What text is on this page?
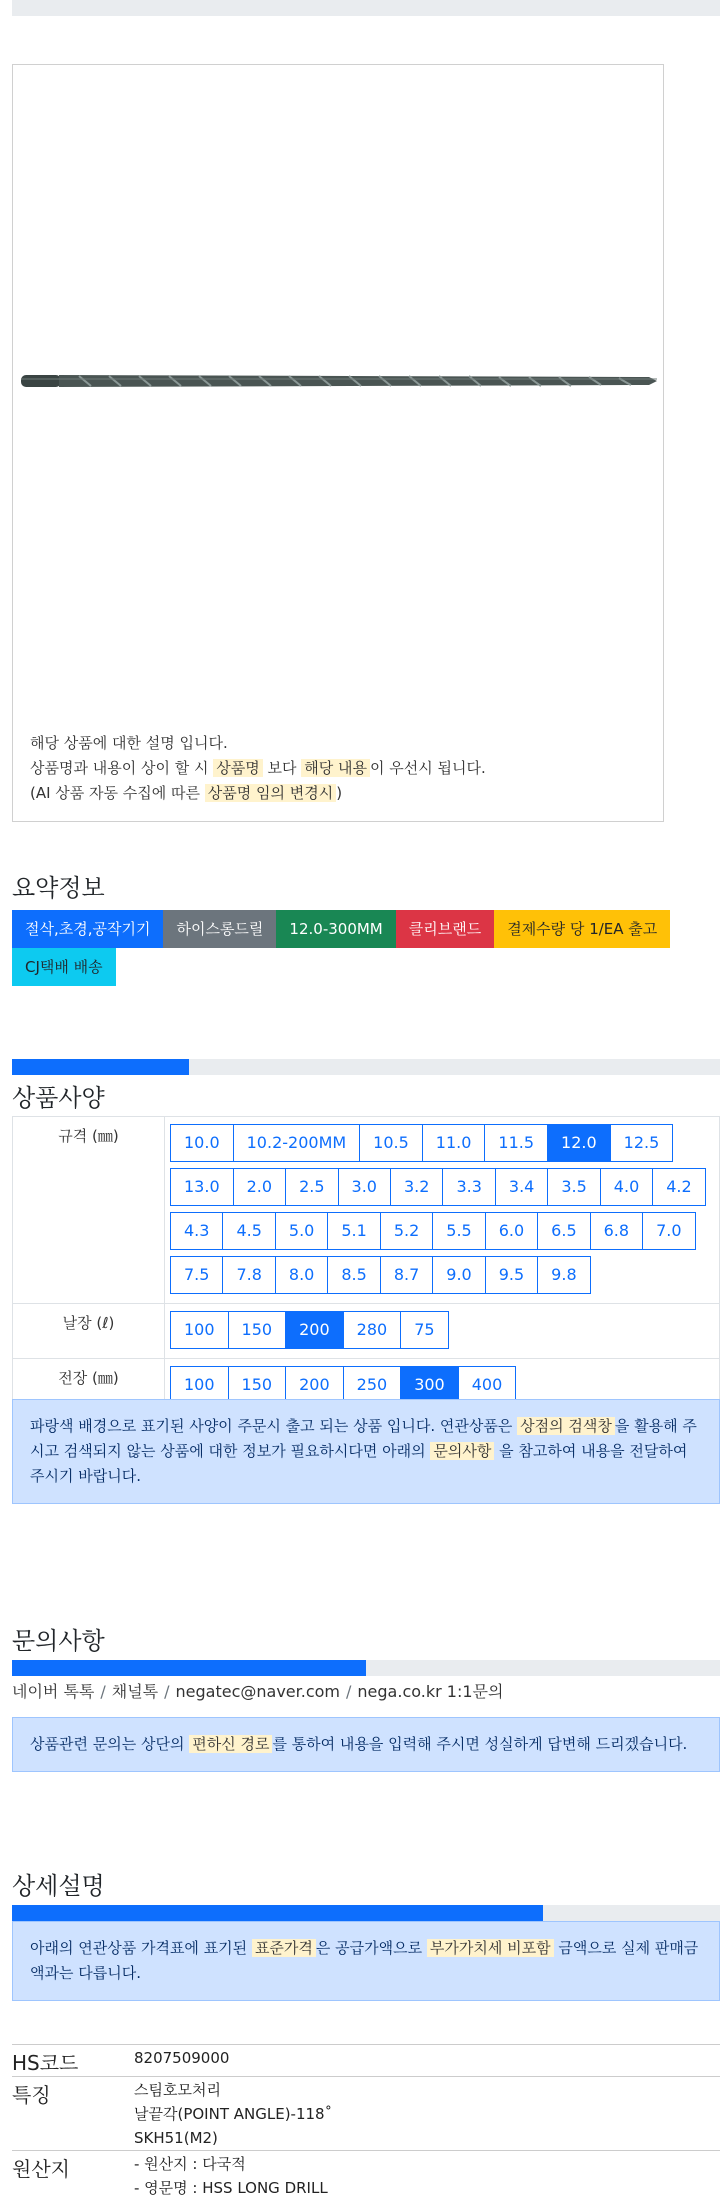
해당 상품에 대한 설명 입니다.
상품명과 내용이 상이 할 시 상품명 보다 해당 내용 이 우선시 됩니다.
(AI 상품 자동 수집에 따른 상품명 임의 변경시 )
요약정보
절삭,초경,공작기기	하이스롱드릴	12.0-300MM	클리브랜드	결제수량 당 1/EA 출고
CJ택배 배송
상품사양
규격 (㎜)	10.0	10.2-200MM	10.5	11.0	11.5	12.0	12.5
13.0	2.0	2.5	3.0	3.2	3.3	3.4	3.5	4.0	4.2
4.3	4.5	5.0	5.1	5.2	5.5	6.0	6.5	6.8	7.0
7.5	7.8	8.0	8.5	8.7	9.0	9.5	9.8
날장 (ℓ)	100	150	200	280	75
전장 (㎜)	100	150	200	250	300	400
파랑색 배경으로 표기된 사양이 주문시 출고 되는 상품 입니다. 연관상품은 상점의 검색창 을 활용해 주시고 검색되지 않는 상품에 대한 정보가 필요하시다면 아래의 문의사항 을 참고하여 내용을 전달하여 주시기 바랍니다.
문의사항
네이버 톡톡 / 채널톡 / negatec@naver.com / nega.co.kr 1:1문의
상품관련 문의는 상단의 편하신 경로 를 통하여 내용을 입력해 주시면 성실하게 답변해 드리겠습니다.
상세설명
아래의 연관상품 가격표에 표기된 표준가격 은 공급가액으로 부가가치세 비포함 금액으로 실제 판매금액과는 다릅니다.
HS코드	8207509000
특징	스팀호모처리
날끝각(POINT ANGLE)-118˚
SKH51(M2)
원산지	- 원산지 : 다국적
- 영문명 : HSS LONG DRILL
